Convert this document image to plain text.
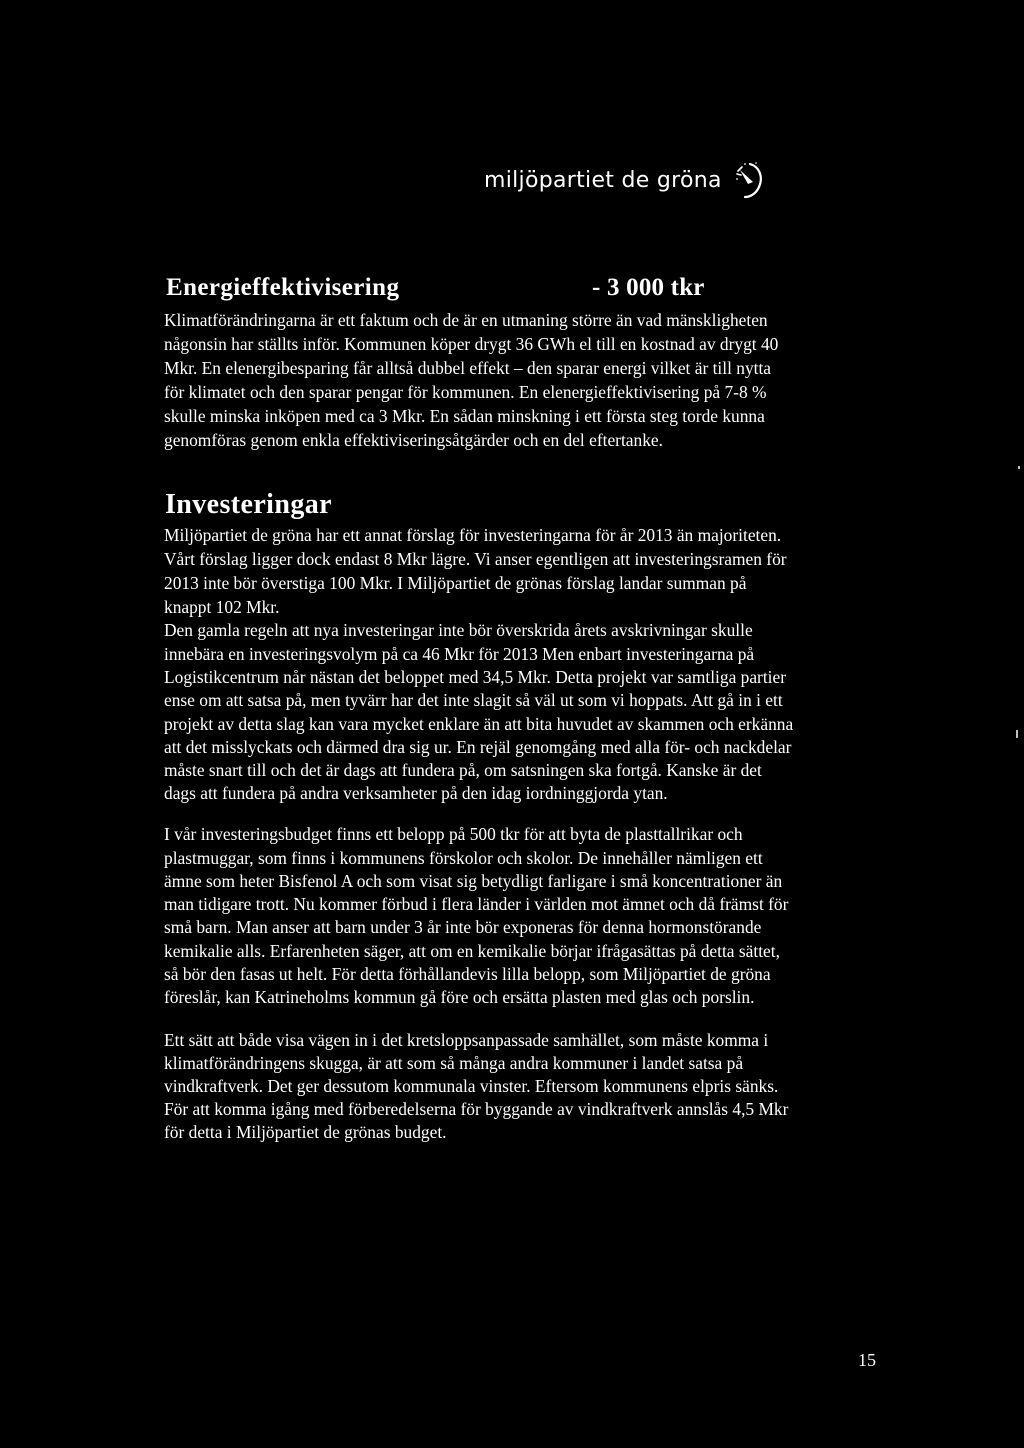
miljöpartiet de gröna
Energieffektivisering	- 3 000 tkr
Klimatförändringarna är ett faktum och de är en utmaning större än vad mänskligheten
någonsin har ställts inför. Kommunen köper drygt 36 GWh el till en kostnad av drygt 40
Mkr. En elenergibesparing får alltså dubbel effekt – den sparar energi vilket är till nytta
för klimatet och den sparar pengar för kommunen. En elenergieffektivisering på 7-8 %
skulle minska inköpen med ca 3 Mkr. En sådan minskning i ett första steg torde kunna
genomföras genom enkla effektiviseringsåtgärder och en del eftertanke.
Investeringar
Miljöpartiet de gröna har ett annat förslag för investeringarna för år 2013 än majoriteten.
Vårt förslag ligger dock endast 8 Mkr lägre. Vi anser egentligen att investeringsramen för
2013 inte bör överstiga 100 Mkr. I Miljöpartiet de grönas förslag landar summan på
knappt 102 Mkr.
Den gamla regeln att nya investeringar inte bör överskrida årets avskrivningar skulle
innebära en investeringsvolym på ca 46 Mkr för 2013 Men enbart investeringarna på
Logistikcentrum når nästan det beloppet med 34,5 Mkr. Detta projekt var samtliga partier
ense om att satsa på, men tyvärr har det inte slagit så väl ut som vi hoppats. Att gå in i ett
projekt av detta slag kan vara mycket enklare än att bita huvudet av skammen och erkänna
att det misslyckats och därmed dra sig ur. En rejäl genomgång med alla för- och nackdelar
måste snart till och det är dags att fundera på, om satsningen ska fortgå. Kanske är det
dags att fundera på andra verksamheter på den idag iordninggjorda ytan.
I vår investeringsbudget finns ett belopp på 500 tkr för att byta de plasttallrikar och
plastmuggar, som finns i kommunens förskolor och skolor. De innehåller nämligen ett
ämne som heter Bisfenol A och som visat sig betydligt farligare i små koncentrationer än
man tidigare trott. Nu kommer förbud i flera länder i världen mot ämnet och då främst för
små barn. Man anser att barn under 3 år inte bör exponeras för denna hormonstörande
kemikalie alls. Erfarenheten säger, att om en kemikalie börjar ifrågasättas på detta sättet,
så bör den fasas ut helt. För detta förhållandevis lilla belopp, som Miljöpartiet de gröna
föreslår, kan Katrineholms kommun gå före och ersätta plasten med glas och porslin.
Ett sätt att både visa vägen in i det kretsloppsanpassade samhället, som måste komma i
klimatförändringens skugga, är att som så många andra kommuner i landet satsa på
vindkraftverk. Det ger dessutom kommunala vinster. Eftersom kommunens elpris sänks.
För att komma igång med förberedelserna för byggande av vindkraftverk annslås 4,5 Mkr
för detta i Miljöpartiet de grönas budget.
15
